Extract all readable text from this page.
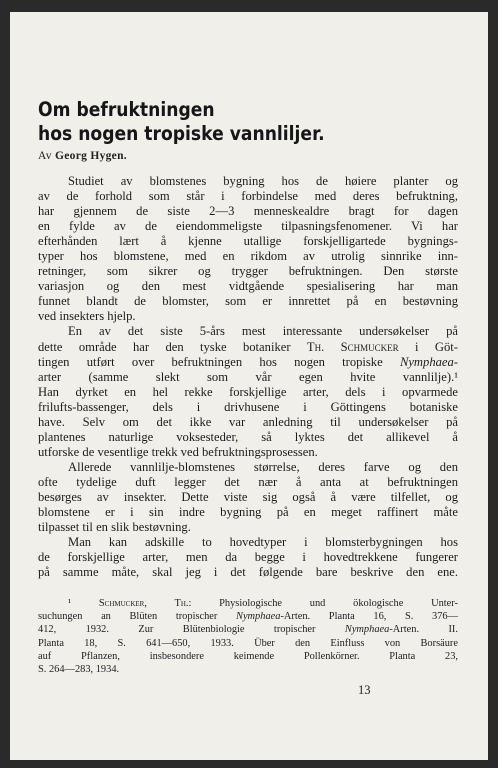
Om befruktningen
hos nogen tropiske vannliljer.
Av Georg Hygen.
Studiet av blomstenes bygning hos de høiere planter og
av de forhold som står i forbindelse med deres befruktning,
har gjennem de siste 2—3 menneskealdre bragt for dagen
en fylde av de eiendommeligste tilpasningsfenomener. Vi har
efterhånden lært å kjenne utallige forskjelligartede bygnings-
typer hos blomstene, med en rikdom av utrolig sinnrike inn-
retninger, som sikrer og trygger befruktningen. Den største
variasjon og den mest vidtgående spesialisering har man
funnet blandt de blomster, som er innrettet på en bestøvning
ved insekters hjelp.
En av det siste 5-års mest interessante undersøkelser på
dette område har den tyske botaniker Th. Schmucker i Göt-
tingen utført over befruktningen hos nogen tropiske Nymphaea-
arter (samme slekt som vår egen hvite vannlilje).¹
Han dyrket en hel rekke forskjellige arter, dels i opvarmede
frilufts-bassenger, dels i drivhusene i Göttingens botaniske
have. Selv om det ikke var anledning til undersøkelser på
plantenes naturlige voksesteder, så lyktes det allikevel å
utforske de vesentlige trekk ved befruktningsprosessen.
Allerede vannlilje-blomstenes størrelse, deres farve og den
ofte tydelige duft legger det nær å anta at befruktningen
besørges av insekter. Dette viste sig også å være tilfellet, og
blomstene er i sin indre bygning på en meget raffinert måte
tilpasset til en slik bestøvning.
Man kan adskille to hovedtyper i blomsterbygningen hos
de forskjellige arter, men da begge i hovedtrekkene fungerer
på samme måte, skal jeg i det følgende bare beskrive den ene.
¹ Schmucker, Th.: Physiologische und ökologische Unter-
suchungen an Blüten tropischer Nymphaea-Arten. Planta 16, S. 376—
412, 1932. Zur Blütenbiologie tropischer Nymphaea-Arten. II.
Planta 18, S. 641—650, 1933. Über den Einfluss von Borsäure
auf Pflanzen, insbesondere keimende Pollenkörner. Planta 23,
S. 264—283, 1934.
13
